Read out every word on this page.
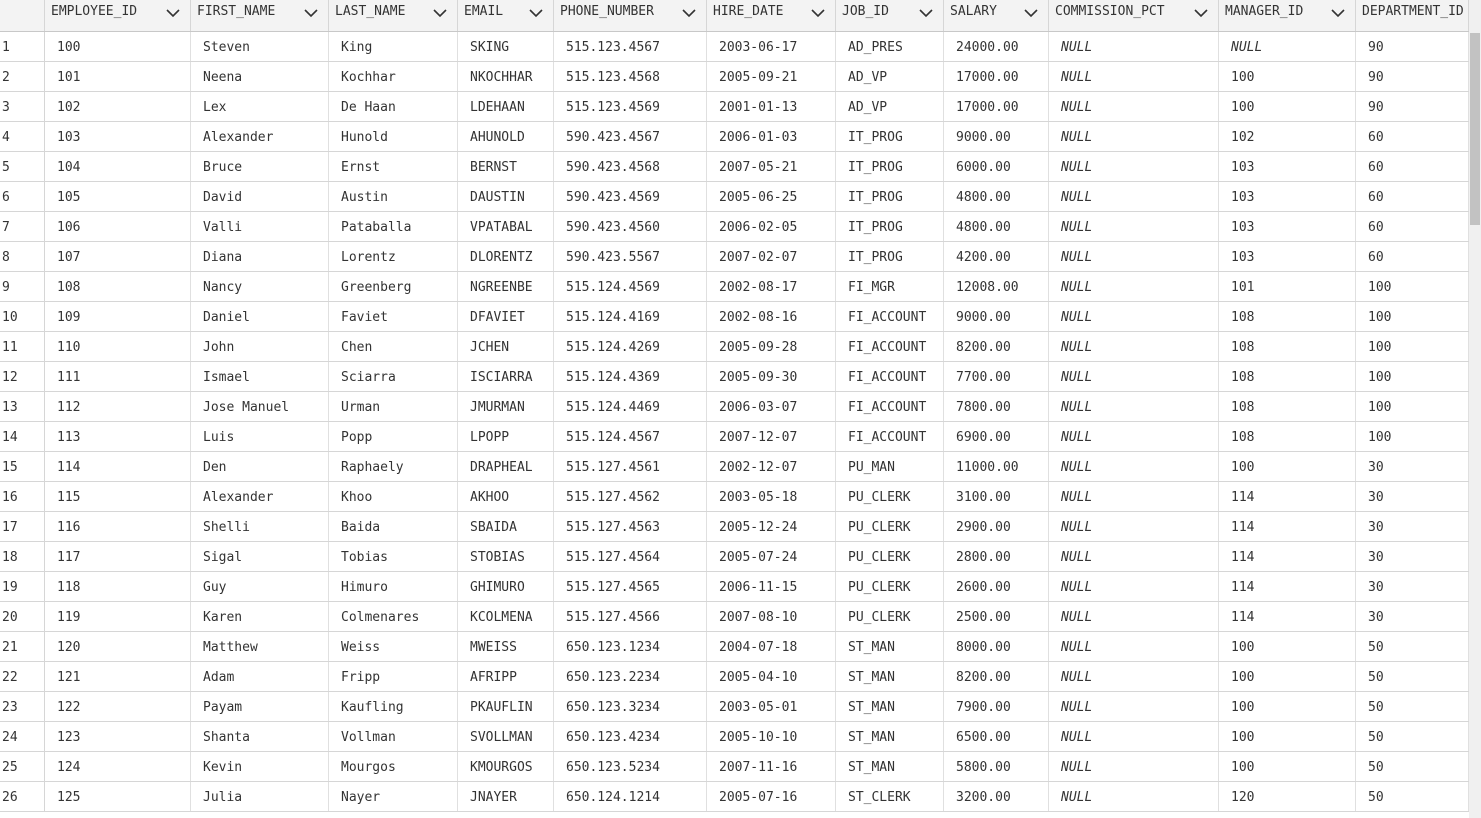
EMPLOYEE_ID	FIRST_NAME	LAST_NAME	EMAIL	PHONE_NUMBER	HIRE_DATE	JOB_ID	SALARY	COMMISSION_PCT	MANAGER_ID	DEPARTMENT_ID
1	100	Steven	King	SKING	515.123.4567	2003-06-17	AD_PRES	24000.00	NULL	NULL	90
2	101	Neena	Kochhar	NKOCHHAR	515.123.4568	2005-09-21	AD_VP	17000.00	NULL	100	90
3	102	Lex	De Haan	LDEHAAN	515.123.4569	2001-01-13	AD_VP	17000.00	NULL	100	90
4	103	Alexander	Hunold	AHUNOLD	590.423.4567	2006-01-03	IT_PROG	9000.00	NULL	102	60
5	104	Bruce	Ernst	BERNST	590.423.4568	2007-05-21	IT_PROG	6000.00	NULL	103	60
6	105	David	Austin	DAUSTIN	590.423.4569	2005-06-25	IT_PROG	4800.00	NULL	103	60
7	106	Valli	Pataballa	VPATABAL	590.423.4560	2006-02-05	IT_PROG	4800.00	NULL	103	60
8	107	Diana	Lorentz	DLORENTZ	590.423.5567	2007-02-07	IT_PROG	4200.00	NULL	103	60
9	108	Nancy	Greenberg	NGREENBE	515.124.4569	2002-08-17	FI_MGR	12008.00	NULL	101	100
10	109	Daniel	Faviet	DFAVIET	515.124.4169	2002-08-16	FI_ACCOUNT	9000.00	NULL	108	100
11	110	John	Chen	JCHEN	515.124.4269	2005-09-28	FI_ACCOUNT	8200.00	NULL	108	100
12	111	Ismael	Sciarra	ISCIARRA	515.124.4369	2005-09-30	FI_ACCOUNT	7700.00	NULL	108	100
13	112	Jose Manuel	Urman	JMURMAN	515.124.4469	2006-03-07	FI_ACCOUNT	7800.00	NULL	108	100
14	113	Luis	Popp	LPOPP	515.124.4567	2007-12-07	FI_ACCOUNT	6900.00	NULL	108	100
15	114	Den	Raphaely	DRAPHEAL	515.127.4561	2002-12-07	PU_MAN	11000.00	NULL	100	30
16	115	Alexander	Khoo	AKHOO	515.127.4562	2003-05-18	PU_CLERK	3100.00	NULL	114	30
17	116	Shelli	Baida	SBAIDA	515.127.4563	2005-12-24	PU_CLERK	2900.00	NULL	114	30
18	117	Sigal	Tobias	STOBIAS	515.127.4564	2005-07-24	PU_CLERK	2800.00	NULL	114	30
19	118	Guy	Himuro	GHIMURO	515.127.4565	2006-11-15	PU_CLERK	2600.00	NULL	114	30
20	119	Karen	Colmenares	KCOLMENA	515.127.4566	2007-08-10	PU_CLERK	2500.00	NULL	114	30
21	120	Matthew	Weiss	MWEISS	650.123.1234	2004-07-18	ST_MAN	8000.00	NULL	100	50
22	121	Adam	Fripp	AFRIPP	650.123.2234	2005-04-10	ST_MAN	8200.00	NULL	100	50
23	122	Payam	Kaufling	PKAUFLIN	650.123.3234	2003-05-01	ST_MAN	7900.00	NULL	100	50
24	123	Shanta	Vollman	SVOLLMAN	650.123.4234	2005-10-10	ST_MAN	6500.00	NULL	100	50
25	124	Kevin	Mourgos	KMOURGOS	650.123.5234	2007-11-16	ST_MAN	5800.00	NULL	100	50
26	125	Julia	Nayer	JNAYER	650.124.1214	2005-07-16	ST_CLERK	3200.00	NULL	120	50
